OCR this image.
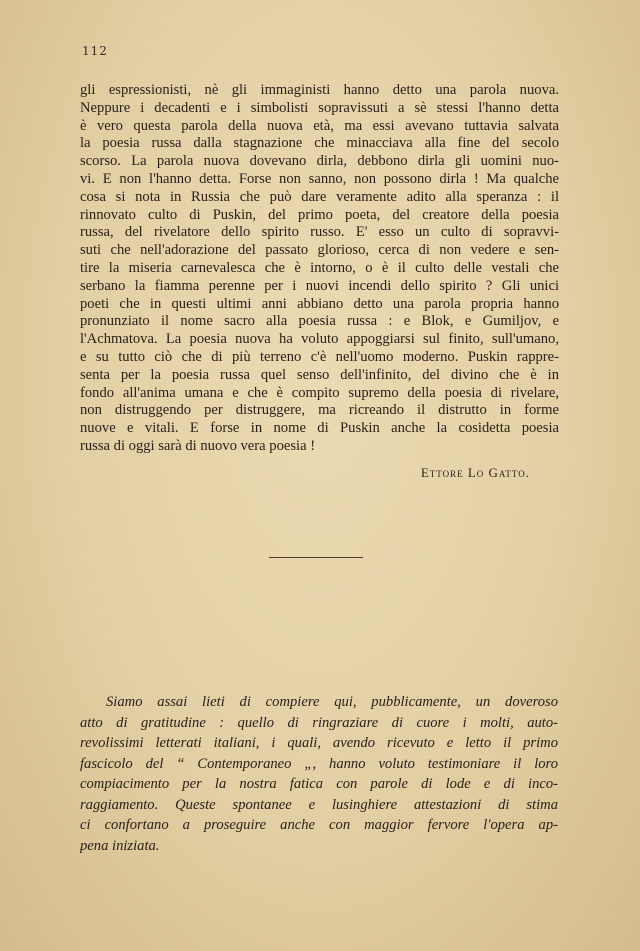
112
gli espressionisti, nè gli immaginisti hanno detto una parola nuova.
Neppure i decadenti e i simbolisti sopravissuti a sè stessi l'hanno detta
è vero questa parola della nuova età, ma essi avevano tuttavia salvata
la poesia russa dalla stagnazione che minacciava alla fine del secolo
scorso. La parola nuova dovevano dirla, debbono dirla gli uomini nuo-
vi. E non l'hanno detta. Forse non sanno, non possono dirla ! Ma qualche
cosa si nota in Russia che può dare veramente adito alla speranza : il
rinnovato culto di Puskin, del primo poeta, del creatore della poesia
russa, del rivelatore dello spirito russo. E' esso un culto di sopravvi-
suti che nell'adorazione del passato glorioso, cerca di non vedere e sen-
tire la miseria carnevalesca che è intorno, o è il culto delle vestali che
serbano la fiamma perenne per i nuovi incendi dello spirito ? Gli unici
poeti che in questi ultimi anni abbiano detto una parola propria hanno
pronunziato il nome sacro alla poesia russa : e Blok, e Gumiljov, e
l'Achmatova. La poesia nuova ha voluto appoggiarsi sul finito, sull'umano,
e su tutto ciò che di più terreno c'è nell'uomo moderno. Puskin rappre-
senta per la poesia russa quel senso dell'infinito, del divino che è in
fondo all'anima umana e che è compito supremo della poesia di rivelare,
non distruggendo per distruggere, ma ricreando il distrutto in forme
nuove e vitali. E forse in nome di Puskin anche la cosidetta poesia
russa di oggi sarà di nuovo vera poesia !
Ettore Lo Gatto.
Siamo assai lieti di compiere qui, pubblicamente, un doveroso
atto di gratitudine : quello di ringraziare di cuore i molti, auto-
revolissimi letterati italiani, i quali, avendo ricevuto e letto il primo
fascicolo del “ Contemporaneo „, hanno voluto testimoniare il loro
compiacimento per la nostra fatica con parole di lode e di inco-
raggiamento. Queste spontanee e lusinghiere attestazioni di stima
ci confortano a proseguire anche con maggior fervore l'opera ap-
pena iniziata.
